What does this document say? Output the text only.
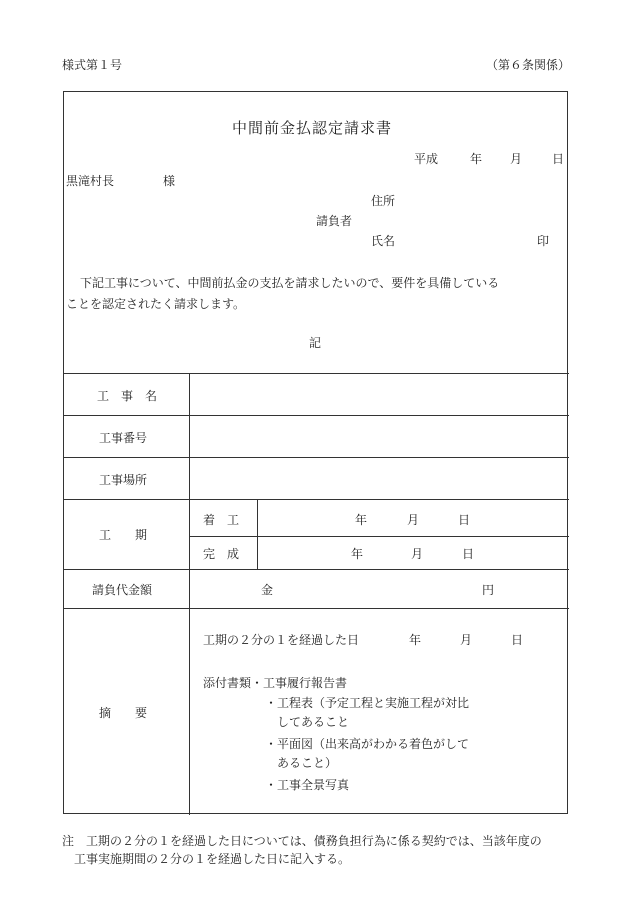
様式第１号	（第６条関係）
中間前金払認定請求書
平成	年 月 日
黒滝村長	様
住所
請負者
氏名	印
下記工事について、中間前払金の支払を請求したいので、要件を具備している
ことを認定されたく請求します。
記
工　事　名
工事番号
工事場所
工　　期
着　工	年	月	日
完　成	年	月	日
請負代金額	金	円
摘　　要
工期の２分の１を経過した日	年	月	日
添付書類・工事履行報告書
・工程表（予定工程と実施工程が対比
してあること
・平面図（出来高がわかる着色がして
あること）
・工事全景写真
注　工期の２分の１を経過した日については、債務負担行為に係る契約では、当該年度の
工事実施期間の２分の１を経過した日に記入する。
